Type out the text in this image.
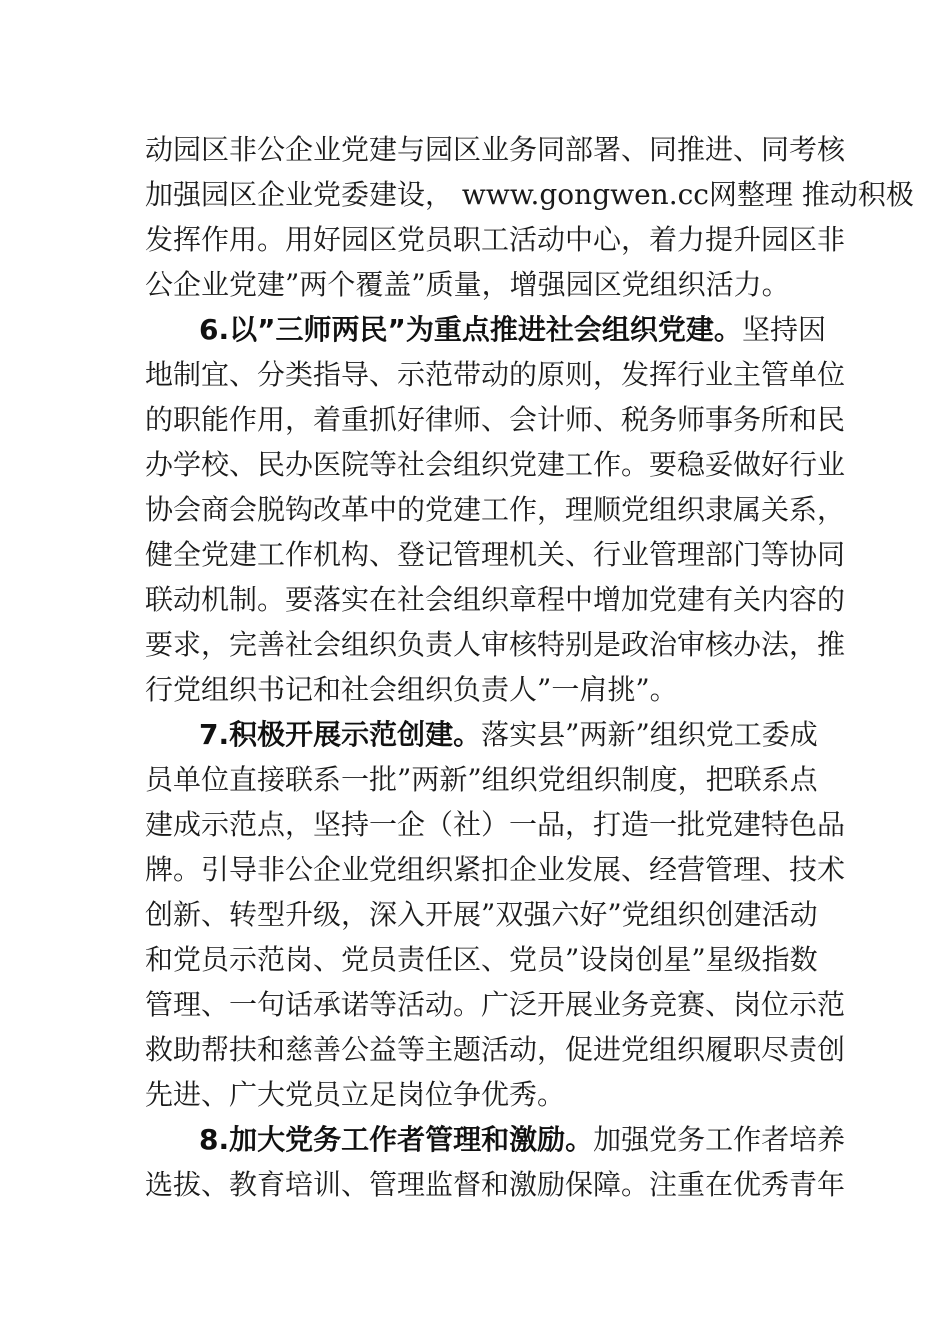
动园区非公企业党建与园区业务同部署、同推进、同考核
加强园区企业党委建设， www.gongwen.cc网整理 推动积极
发挥作用。用好园区党员职工活动中心，着力提升园区非
公企业党建”两个覆盖”质量，增强园区党组织活力。
6.以”三师两民”为重点推进社会组织党建。坚持因
地制宜、分类指导、示范带动的原则，发挥行业主管单位
的职能作用，着重抓好律师、会计师、税务师事务所和民
办学校、民办医院等社会组织党建工作。要稳妥做好行业
协会商会脱钩改革中的党建工作，理顺党组织隶属关系，
健全党建工作机构、登记管理机关、行业管理部门等协同
联动机制。要落实在社会组织章程中增加党建有关内容的
要求，完善社会组织负责人审核特别是政治审核办法，推
行党组织书记和社会组织负责人”一肩挑”。
7.积极开展示范创建。落实县”两新”组织党工委成
员单位直接联系一批”两新”组织党组织制度，把联系点
建成示范点，坚持一企（社）一品，打造一批党建特色品
牌。引导非公企业党组织紧扣企业发展、经营管理、技术
创新、转型升级，深入开展”双强六好”党组织创建活动
和党员示范岗、党员责任区、党员”设岗创星”星级指数
管理、一句话承诺等活动。广泛开展业务竞赛、岗位示范
救助帮扶和慈善公益等主题活动，促进党组织履职尽责创
先进、广大党员立足岗位争优秀。
8.加大党务工作者管理和激励。加强党务工作者培养
选拔、教育培训、管理监督和激励保障。注重在优秀青年
